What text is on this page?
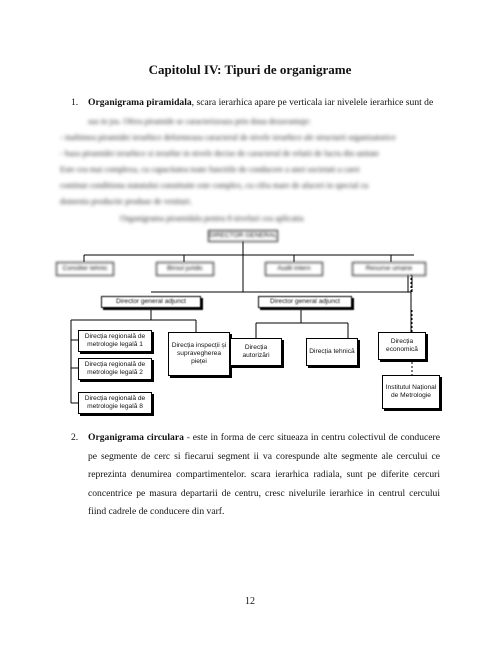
Capitolul IV: Tipuri de organigrame
1. Organigrama piramidala, scara ierarhica apare pe verticala iar nivelele ierarhice sunt de
sus in jos. Ofera piramide se caracterizeaza prin doua dezavantaje:
- inaltimea piramidei ierarhice deformeaza caracterul de nivele ierarhice ale structurii organizatorice
- baza piramidei ierarhice si ierarhie in nivele decise de caracterul de relatii de lucru din unitate
Este cea mai complexa, cu capacitatea toate functiile de conducere a unei societati a carei
continut conditiona statutului constituite este complex, cu cifra mare de afaceri in special cu
domeniu productie produse de venituri.
Organigrama piramidala pentru 8 niveluri cea aplicatia
DIRECTOR GENERAL
Consilier tehnic	Biroul juridic	Audit intern	Resurse umane
Director general adjunct	Director general adjunct
Direcția regională de metrologie legală 1
Direcția regională de metrologie legală 2
Direcția regională de metrologie legală 8
Direcția inspecții și supravegherea pieței
Direcția autorizări
Direcția tehnică
Direcția economică
Institutul Național de Metrologie
2. Organigrama circulara - este in forma de cerc situeaza in centru colectivul de conducere pe segmente de cerc si fiecarui segment ii va corespunde alte segmente ale cercului ce reprezinta denumirea compartimentelor. scara ierarhica radiala, sunt pe diferite cercuri concentrice pe masura departarii de centru, cresc nivelurile ierarhice in centrul cercului fiind cadrele de conducere din varf.
12
